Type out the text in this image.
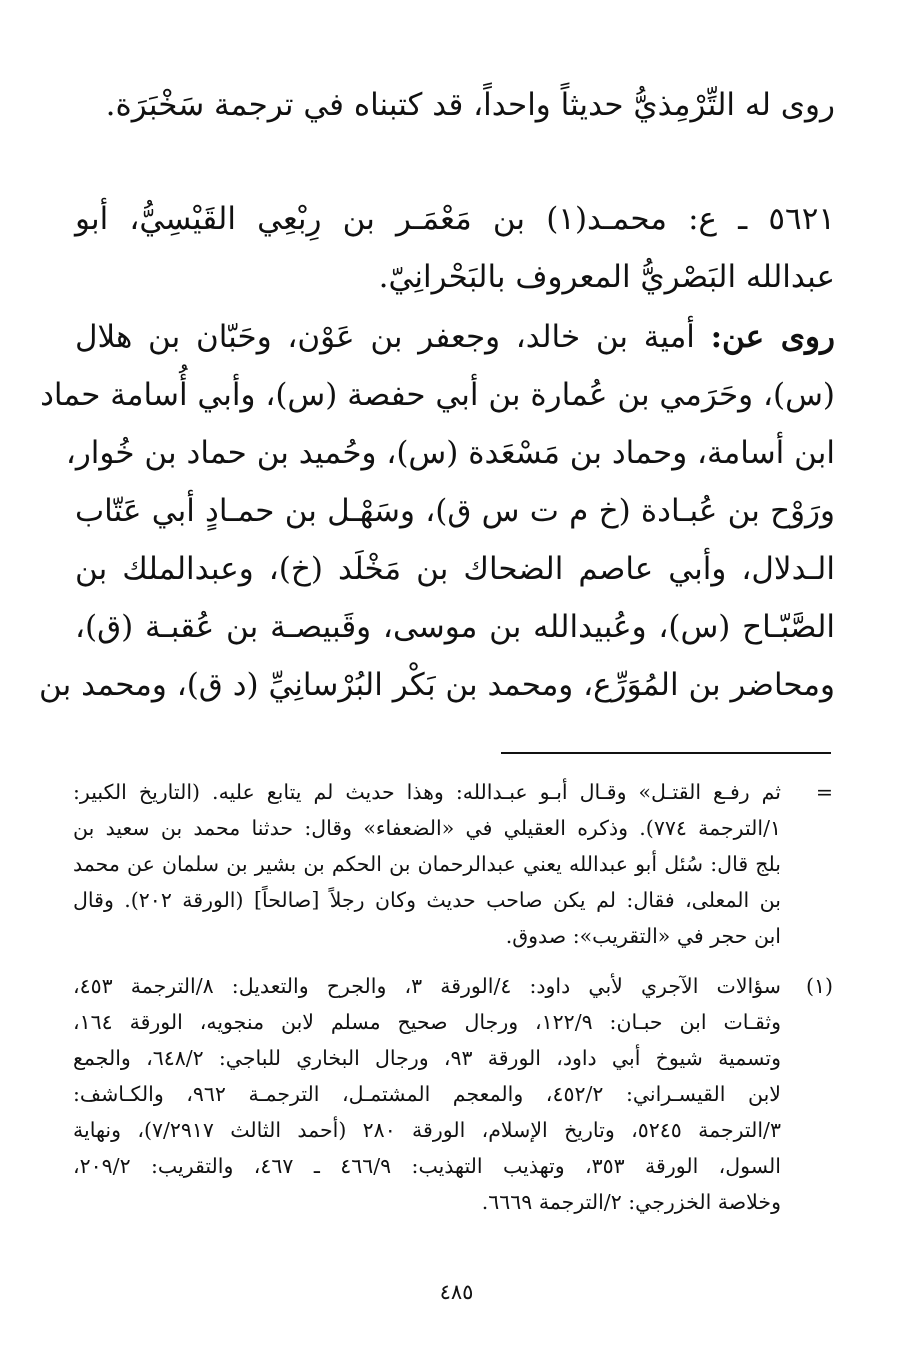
روى له التِّرْمِذيُّ حديثاً واحداً، قد كتبناه في ترجمة سَخْبَرَة.
٥٦٢١ ـ ع: محمـد(١) بن مَعْمَـر بن رِبْعِي القَيْسِيُّ، أبو
عبدالله البَصْريُّ المعروف بالبَحْرانِيّ.
روى عن: أمية بن خالد، وجعفر بن عَوْن، وحَبّان بن هلال
(س)، وحَرَمي بن عُمارة بن أبي حفصة (س)، وأبي أُسامة حماد
ابن أسامة، وحماد بن مَسْعَدة (س)، وحُميد بن حماد بن خُوار،
ورَوْح بن عُبـادة (خ م ت س ق)، وسَهْـل بن حمـادٍ أبي عَتّاب
الـدلال، وأبي عاصم الضحاك بن مَخْلَد (خ)، وعبدالملك بن
الصَّبّـاح (س)، وعُبيدالله بن موسى، وقَبيصـة بن عُقبـة (ق)،
ومحاضر بن المُوَرِّع، ومحمد بن بَكْر البُرْسانِيِّ (د ق)، ومحمد بن
=
ثم رفـع القتـل» وقـال أبـو عبـدالله: وهذا حديث لم يتابع عليه. (التاريخ الكبير:
١/الترجمة ٧٧٤). وذكره العقيلي في «الضعفاء» وقال: حدثنا محمد بن سعيد بن
بلج قال: سُئل أبو عبدالله يعني عبدالرحمان بن الحكم بن بشير بن سلمان عن محمد
بن المعلى، فقال: لم يكن صاحب حديث وكان رجلاً [صالحاً] (الورقة ٢٠٢). وقال
ابن حجر في «التقريب»: صدوق.
(١)
سؤالات الآجري لأبي داود: ٤/الورقة ٣، والجرح والتعديل: ٨/الترجمة ٤٥٣،
وثقـات ابن حبـان: ١٢٢/٩، ورجال صحيح مسلم لابن منجويه، الورقة ١٦٤،
وتسمية شيوخ أبي داود، الورقة ٩٣، ورجال البخاري للباجي: ٦٤٨/٢، والجمع
لابن القيسـراني: ٤٥٢/٢، والمعجم المشتمـل، الترجمـة ٩٦٢، والكـاشف:
٣/الترجمة ٥٢٤٥، وتاريخ الإسلام، الورقة ٢٨٠ (أحمد الثالث ٧/٢٩١٧)، ونهاية
السول، الورقة ٣٥٣، وتهذيب التهذيب: ٤٦٦/٩ ـ ٤٦٧، والتقريب: ٢٠٩/٢،
وخلاصة الخزرجي: ٢/الترجمة ٦٦٦٩.
٤٨٥
